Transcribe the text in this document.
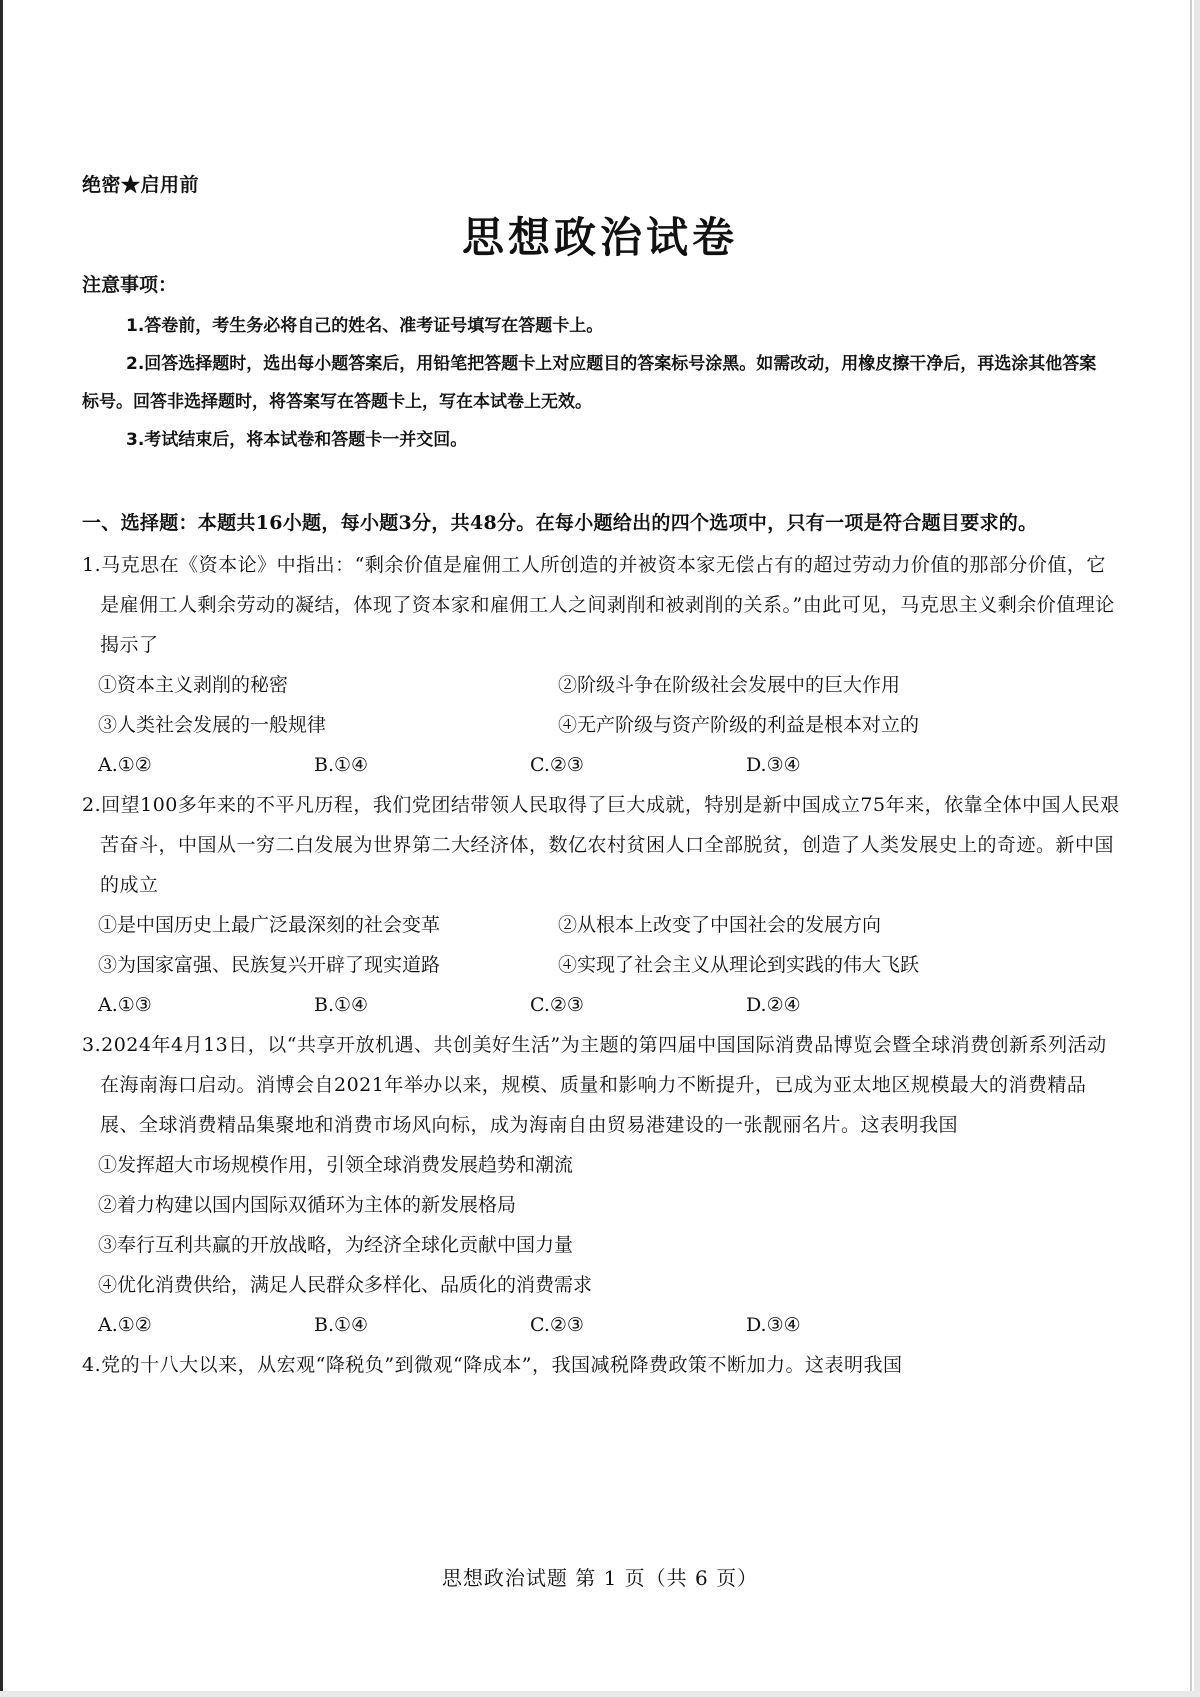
绝密★启用前
思想政治试卷
注意事项：
1.答卷前，考生务必将自己的姓名、准考证号填写在答题卡上。
2.回答选择题时，选出每小题答案后，用铅笔把答题卡上对应题目的答案标号涂黑。如需改动，用橡皮擦干净后，再选涂其他答案标号。回答非选择题时，将答案写在答题卡上，写在本试卷上无效。
3.考试结束后，将本试卷和答题卡一并交回。
一、选择题：本题共16小题，每小题3分，共48分。在每小题给出的四个选项中，只有一项是符合题目要求的。
1.马克思在《资本论》中指出：“剩余价值是雇佣工人所创造的并被资本家无偿占有的超过劳动力价值的那部分价值，它是雇佣工人剩余劳动的凝结，体现了资本家和雇佣工人之间剥削和被剥削的关系。”由此可见，马克思主义剩余价值理论揭示了
①资本主义剥削的秘密	②阶级斗争在阶级社会发展中的巨大作用
③人类社会发展的一般规律	④无产阶级与资产阶级的利益是根本对立的
A.①②	B.①④	C.②③	D.③④
2.回望100多年来的不平凡历程，我们党团结带领人民取得了巨大成就，特别是新中国成立75年来，依靠全体中国人民艰苦奋斗，中国从一穷二白发展为世界第二大经济体，数亿农村贫困人口全部脱贫，创造了人类发展史上的奇迹。新中国的成立
①是中国历史上最广泛最深刻的社会变革	②从根本上改变了中国社会的发展方向
③为国家富强、民族复兴开辟了现实道路	④实现了社会主义从理论到实践的伟大飞跃
A.①③	B.①④	C.②③	D.②④
3.2024年4月13日，以“共享开放机遇、共创美好生活”为主题的第四届中国国际消费品博览会暨全球消费创新系列活动在海南海口启动。消博会自2021年举办以来，规模、质量和影响力不断提升，已成为亚太地区规模最大的消费精品展、全球消费精品集聚地和消费市场风向标，成为海南自由贸易港建设的一张靓丽名片。这表明我国
①发挥超大市场规模作用，引领全球消费发展趋势和潮流
②着力构建以国内国际双循环为主体的新发展格局
③奉行互利共赢的开放战略，为经济全球化贡献中国力量
④优化消费供给，满足人民群众多样化、品质化的消费需求
A.①②	B.①④	C.②③	D.③④
4.党的十八大以来，从宏观“降税负”到微观“降成本”，我国减税降费政策不断加力。这表明我国
思想政治试题 第 1 页（共 6 页）
